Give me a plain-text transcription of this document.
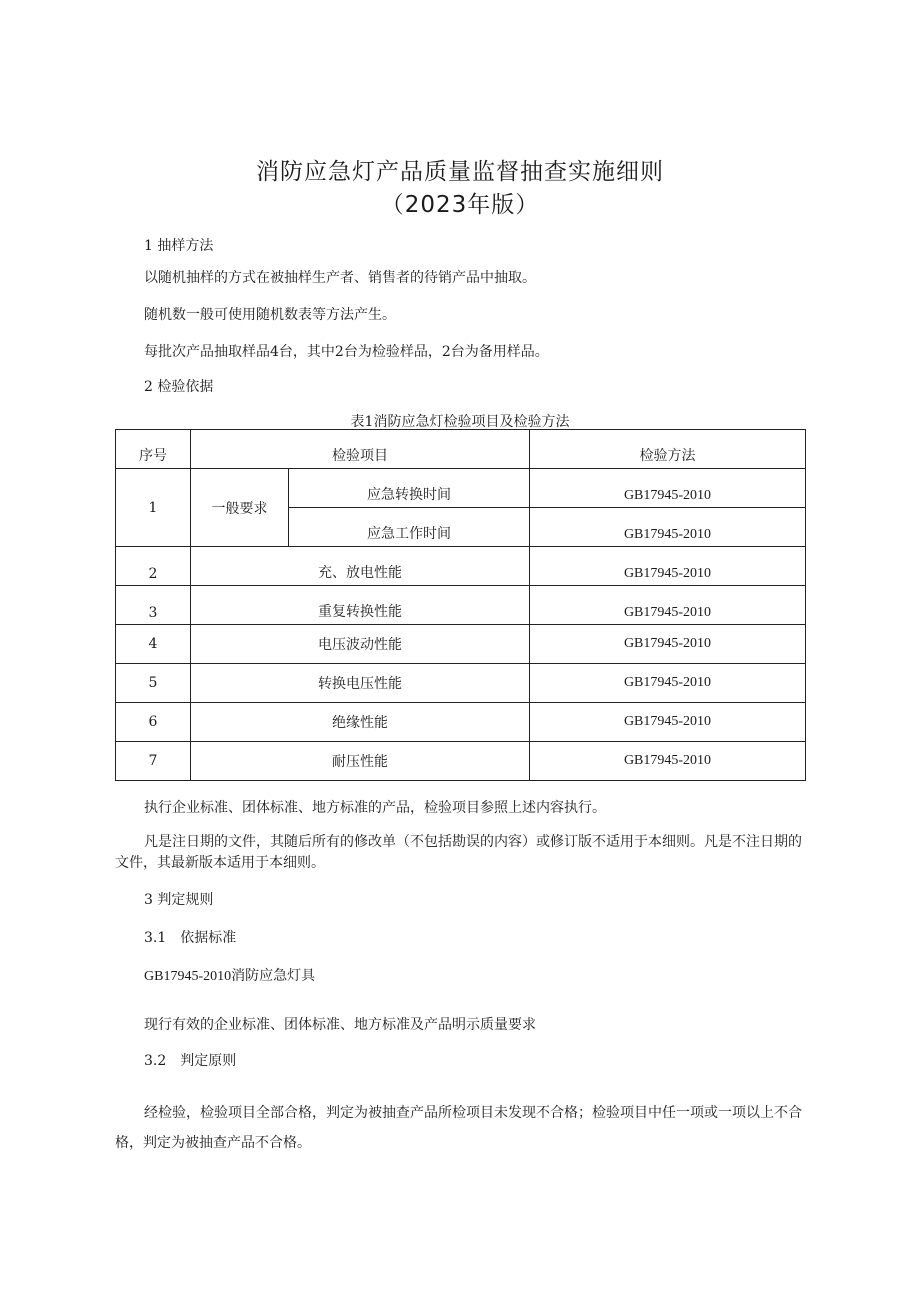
消防应急灯产品质量监督抽查实施细则
（2023年版）
1 抽样方法
以随机抽样的方式在被抽样生产者、销售者的待销产品中抽取。
随机数一般可使用随机数表等方法产生。
每批次产品抽取样品4台，其中2台为检验样品，2台为备用样品。
2 检验依据
表1消防应急灯检验项目及检验方法
序号	检验项目		检验方法
1	一般要求	应急转换时间	GB17945-2010
		应急工作时间	GB17945-2010
2	充、放电性能		GB17945-2010
3	重复转换性能		GB17945-2010
4	电压波动性能		GB17945-2010
5	转换电压性能		GB17945-2010
6	绝缘性能		GB17945-2010
7	耐压性能		GB17945-2010
执行企业标准、团体标准、地方标准的产品，检验项目参照上述内容执行。
凡是注日期的文件，其随后所有的修改单（不包括勘误的内容）或修订版不适用于本细则。凡是不注日期的文件，其最新版本适用于本细则。
3 判定规则
3.1　依据标准
GB17945-2010消防应急灯具
现行有效的企业标准、团体标准、地方标准及产品明示质量要求
3.2　判定原则
经检验，检验项目全部合格，判定为被抽查产品所检项目未发现不合格；检验项目中任一项或一项以上不合格，判定为被抽查产品不合格。
